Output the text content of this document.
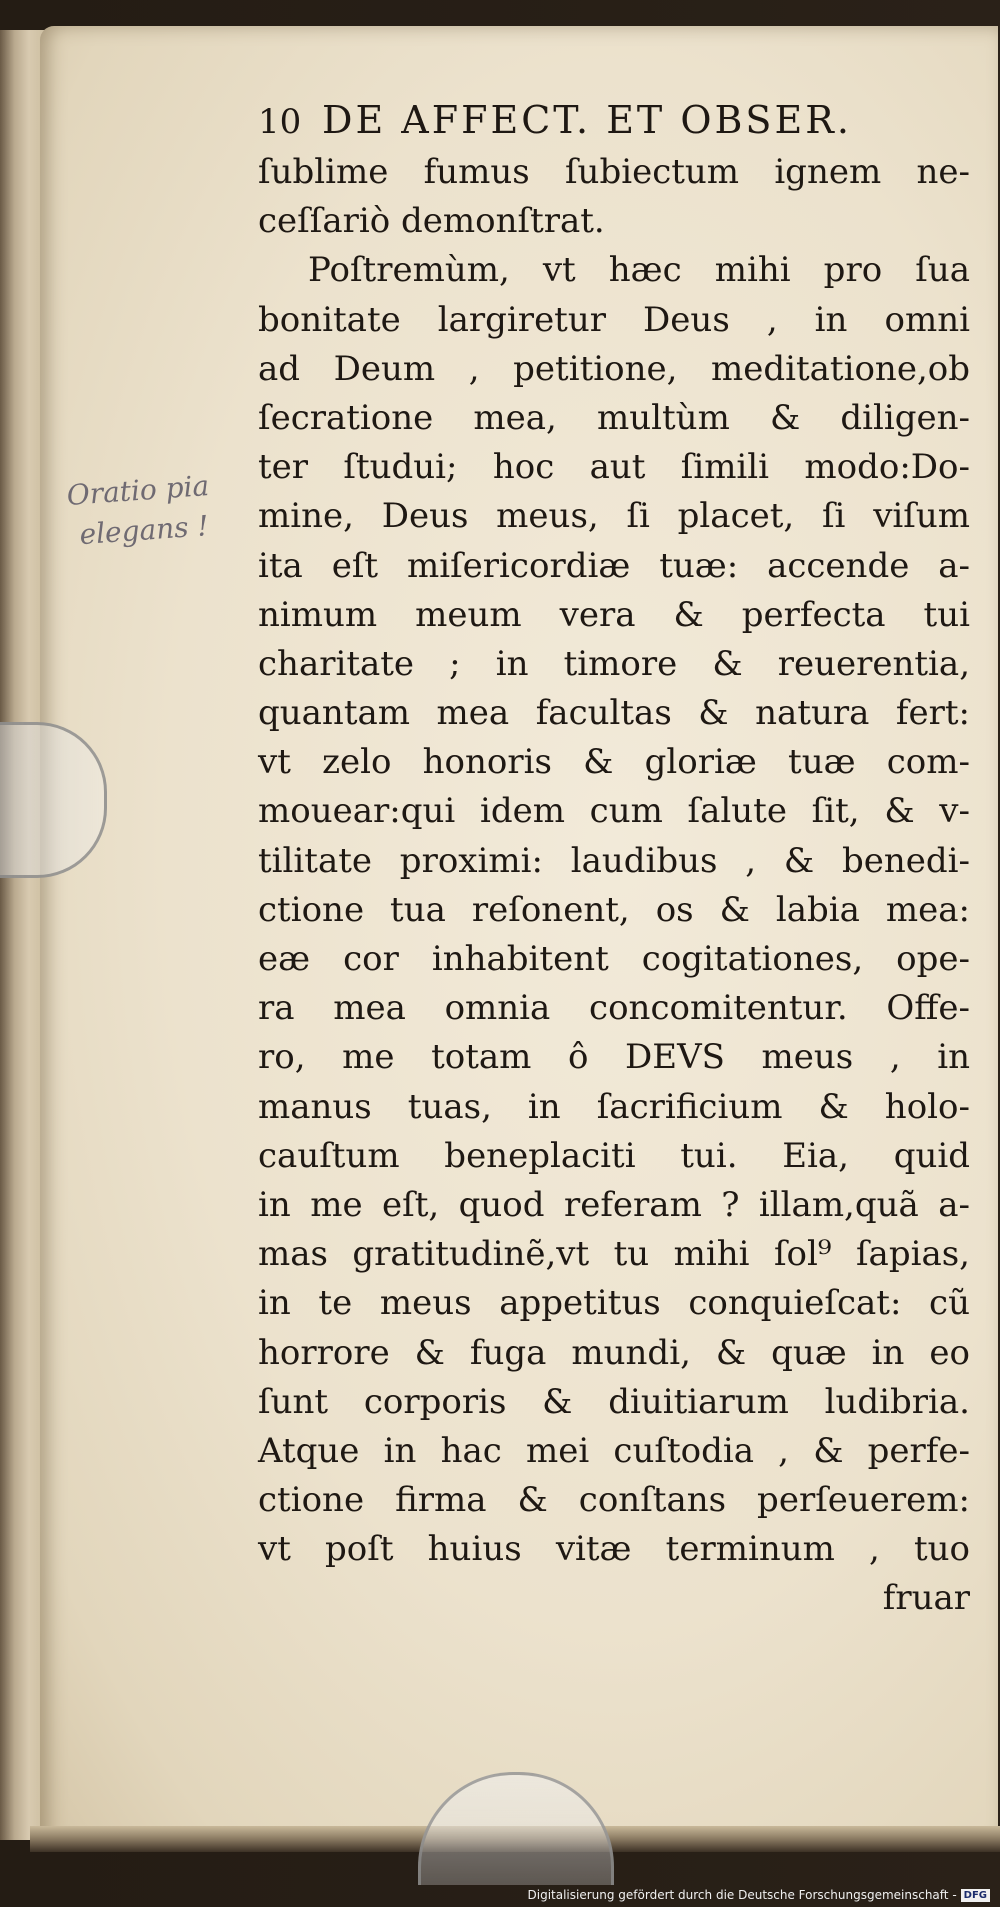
Oratio pia
elegans !
10 DE AFFECT. ET OBSER.
ſublime fumus ſubiectum ignem ne-
ceſſariò demonſtrat.
Poſtremùm, vt hæc mihi pro ſua
bonitate largiretur Deus , in omni
ad Deum , petitione, meditatione,ob
ſecratione mea, multùm & diligen-
ter ſtudui; hoc aut ſimili modo:Do-
mine, Deus meus, ſi placet, ſi viſum
ita eſt miſericordiæ tuæ: accende a-
nimum meum vera & perfecta tui
charitate ; in timore & reuerentia,
quantam mea facultas & natura fert:
vt zelo honoris & gloriæ tuæ com-
mouear:qui idem cum ſalute ſit, & v-
tilitate proximi: laudibus , & benedi-
ctione tua reſonent, os & labia mea:
eæ cor inhabitent cogitationes, ope-
ra mea omnia concomitentur. Offe-
ro, me totam ô DEVS meus , in
manus tuas, in ſacrificium & holo-
cauſtum beneplaciti tui. Eia, quid
in me eſt, quod referam ? illam,quã a-
mas gratitudinẽ,vt tu mihi ſol⁹ ſapias,
in te meus appetitus conquieſcat: cũ
horrore & fuga mundi, & quæ in eo
ſunt corporis & diuitiarum ludibria.
Atque in hac mei cuſtodia , & perfe-
ctione firma & conſtans perſeuerem:
vt poſt huius vitæ terminum , tuo
fruar
Digitalisierung gefördert durch die Deutsche Forschungsgemeinschaft - DFG
